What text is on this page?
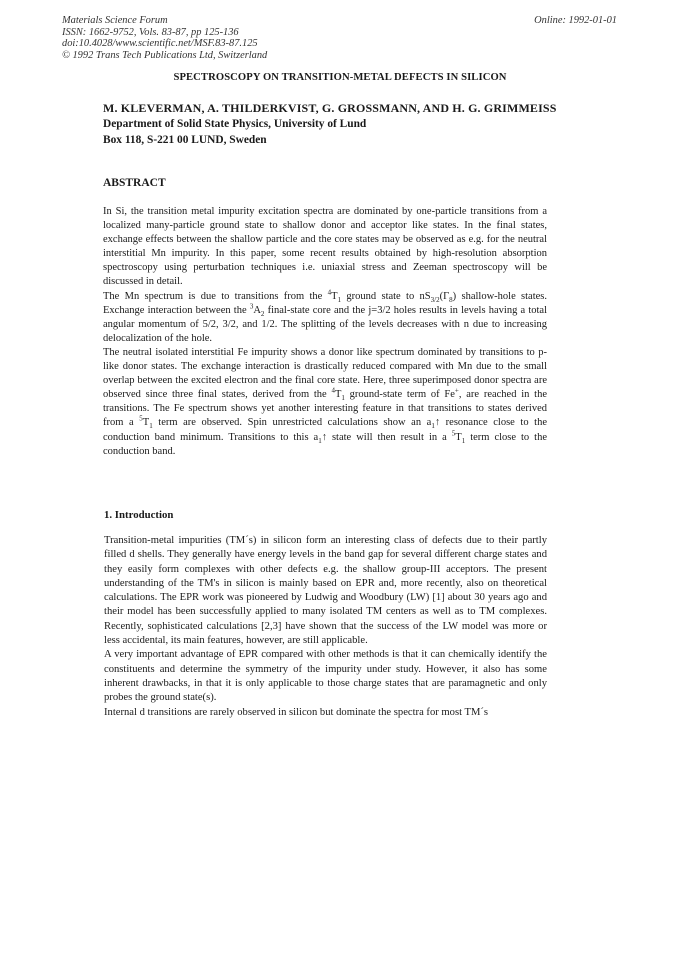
Materials Science Forum
ISSN: 1662-9752, Vols. 83-87, pp 125-136
doi:10.4028/www.scientific.net/MSF.83-87.125
© 1992 Trans Tech Publications Ltd, Switzerland
Online: 1992-01-01
SPECTROSCOPY ON TRANSITION-METAL DEFECTS IN SILICON
M. KLEVERMAN, A. THILDERKVIST, G. GROSSMANN, AND H. G. GRIMMEISS
Department of Solid State Physics, University of Lund
Box 118, S-221 00 LUND, Sweden
ABSTRACT

In Si, the transition metal impurity excitation spectra are dominated by one-particle transitions from a localized many-particle ground state to shallow donor and acceptor like states. In the final states, exchange effects between the shallow particle and the core states may be observed as e.g. for the neutral interstitial Mn impurity. In this paper, some recent results obtained by high-resolution absorption spectroscopy using perturbation techniques i.e. uniaxial stress and Zeeman spectroscopy will be discussed in detail.

The Mn spectrum is due to transitions from the $^4T_1$ ground state to $nS_{3/2}(\Gamma_8)$ shallow-hole states. Exchange interaction between the $^3A_2$ final-state core and the j=3/2 holes results in levels having a total angular momentum of 5/2, 3/2, and 1/2. The splitting of the levels decreases with n due to increasing delocalization of the hole.

The neutral isolated interstitial Fe impurity shows a donor like spectrum dominated by transitions to p-like donor states. The exchange interaction is drastically reduced compared with Mn due to the small overlap between the excited electron and the final core state. Here, three superimposed donor spectra are observed since three final states, derived from the $^4T_1$ ground-state term of Fe+, are reached in the transitions. The Fe spectrum shows yet another interesting feature in that transitions to states derived from a $^5T_1$ term are observed. Spin unrestricted calculations show an $a_1↑$ resonance close to the conduction band minimum. Transitions to this $a_1↑$ state will then result in a $^5T_1$ term close to the conduction band.

1. Introduction

Transition-metal impurities (TM´s) in silicon form an interesting class of defects due to their partly filled d shells. They generally have energy levels in the band gap for several different charge states and they easily form complexes with other defects e.g. the shallow group-III acceptors. The present understanding of the TM's in silicon is mainly based on EPR and, more recently, also on theoretical calculations. The EPR work was pioneered by Ludwig and Woodbury (LW) [1] about 30 years ago and their model has been successfully applied to many isolated TM centers as well as to TM complexes. Recently, sophisticated calculations [2,3] have shown that the success of the LW model was more or less accidental, its main features, however, are still applicable.

A very important advantage of EPR compared with other methods is that it can chemically identify the constituents and determine the symmetry of the impurity under study. However, it also has some inherent drawbacks, in that it is only applicable to those charge states that are paramagnetic and only probes the ground state(s).

Internal d transitions are rarely observed in silicon but dominate the spectra for most TM´s
